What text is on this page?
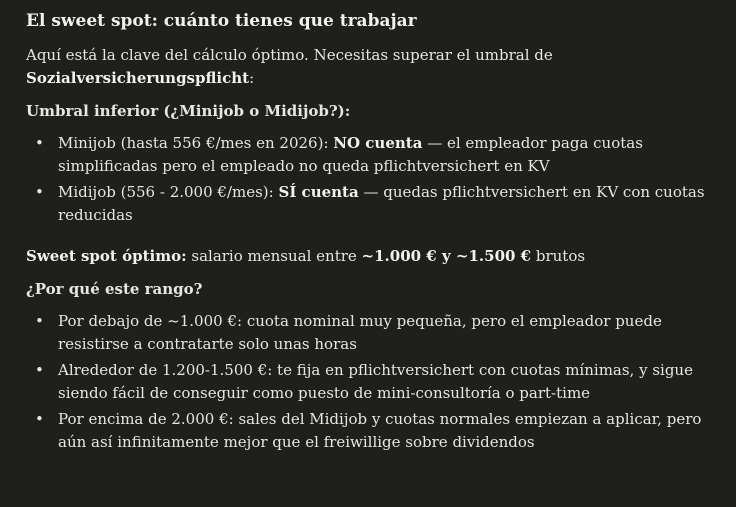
El sweet spot: cuánto tienes que trabajar

Aquí está la clave del cálculo óptimo. Necesitas superar el umbral de Sozialversicherungspflicht:

Umbral inferior (¿Minijob o Midijob?):
• Minijob (hasta 556 €/mes en 2026): NO cuenta — el empleador paga cuotas simplificadas pero el empleado no queda pflichtversichert en KV
• Midijob (556 - 2.000 €/mes): SÍ cuenta — quedas pflichtversichert en KV con cuotas reducidas

Sweet spot óptimo: salario mensual entre ~1.000 € y ~1.500 € brutos

¿Por qué este rango?
• Por debajo de ~1.000 €: cuota nominal muy pequeña, pero el empleador puede resistirse a contratarte solo unas horas
• Alrededor de 1.200-1.500 €: te fija en pflichtversichert con cuotas mínimas, y sigue siendo fácil de conseguir como puesto de mini-consultoría o part-time
• Por encima de 2.000 €: sales del Midijob y cuotas normales empiezan a aplicar, pero aún así infinitamente mejor que el freiwillige sobre dividendos
